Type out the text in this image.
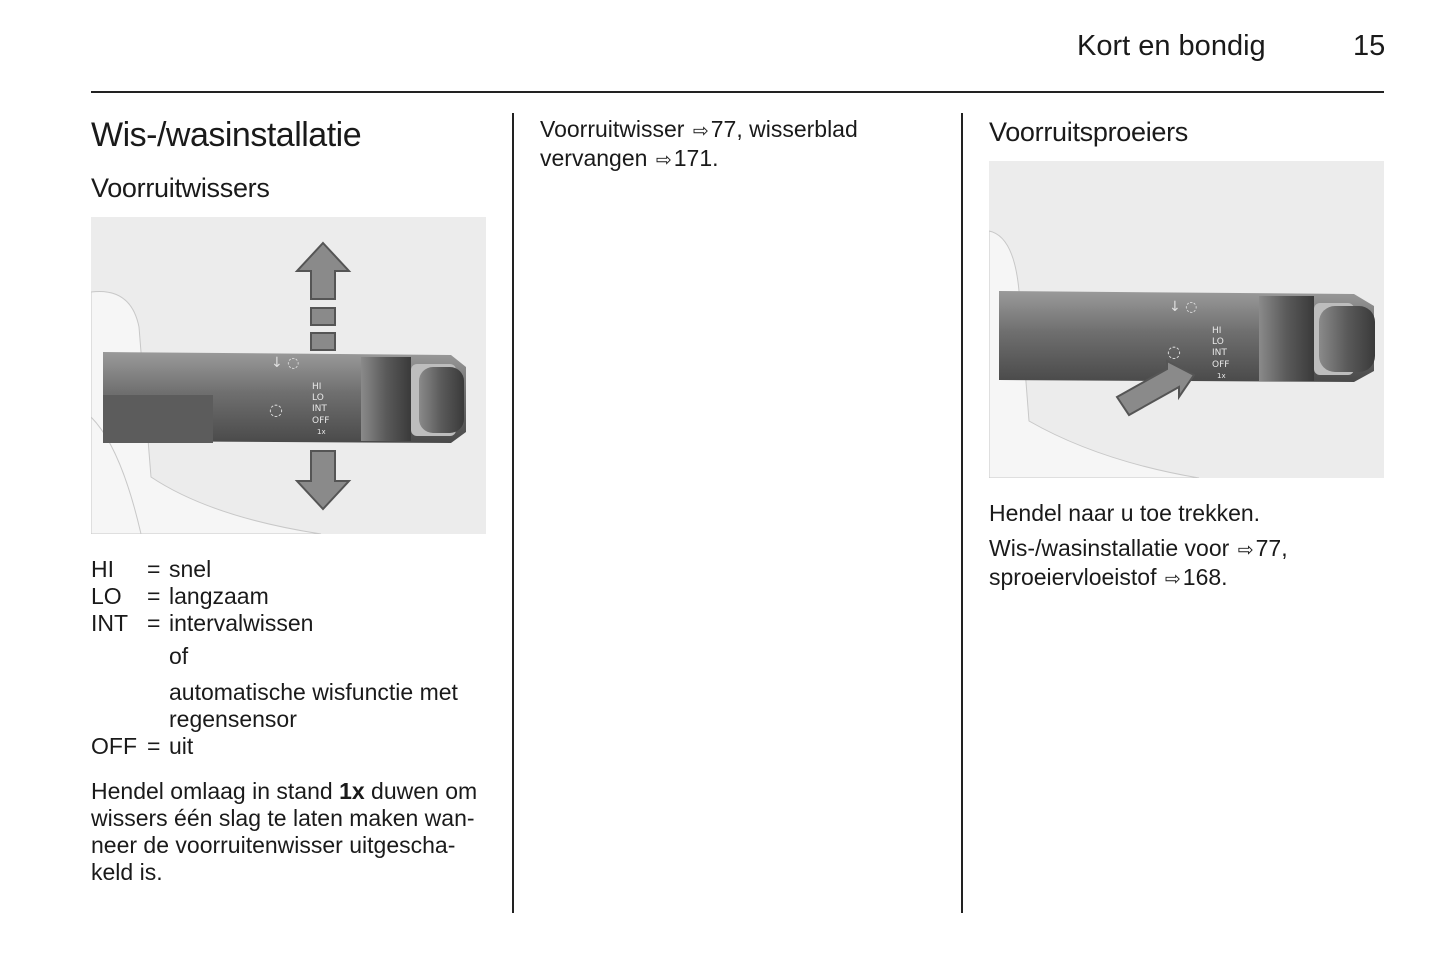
Kort en bondig	15
Wis-/wasinstallatie
Voorruitwissers
↓ ◌
◌
HI
LO
INT
OFF
1x
HI = snel
LO = langzaam
INT = intervalwissen
of
automatische wisfunctie met
regensensor
OFF = uit
Hendel omlaag in stand 1x duwen om
wissers één slag te laten maken wan-
neer de voorruitenwisser uitgescha-
keld is.
Voorruitwisser ⇨77, wisserblad
vervangen ⇨171.
Voorruitsproeiers
↓ ◌
◌
HI
LO
INT
OFF
1x
Hendel naar u toe trekken.
Wis-/wasinstallatie voor ⇨77,
sproeiervloeistof ⇨168.
